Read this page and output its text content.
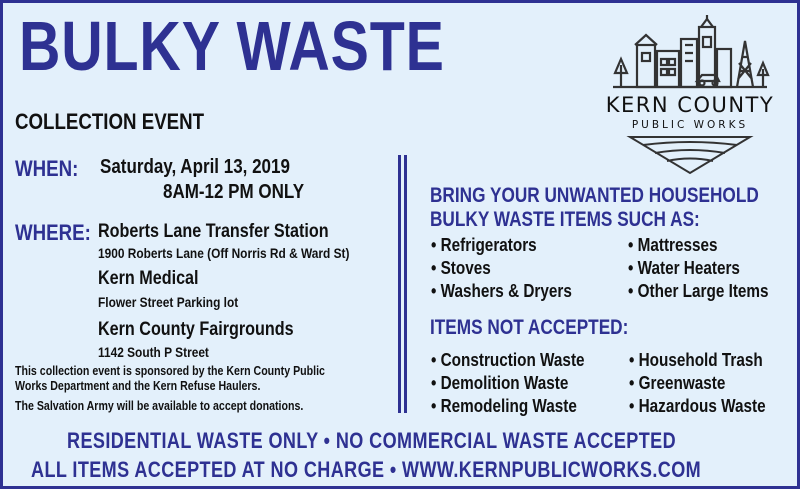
BULKY WASTE
COLLECTION EVENT
WHEN: Saturday, April 13, 2019
8AM-12 PM ONLY
WHERE: Roberts Lane Transfer Station
1900 Roberts Lane (Off Norris Rd & Ward St)
Kern Medical
Flower Street Parking lot
Kern County Fairgrounds
1142 South P Street
This collection event is sponsored by the Kern County Public
Works Department and the Kern Refuse Haulers.
The Salvation Army will be available to accept donations.
KERN COUNTY
PUBLIC WORKS
BRING YOUR UNWANTED HOUSEHOLD
BULKY WASTE ITEMS SUCH AS:
• Refrigerators
• Stoves
• Washers & Dryers
• Mattresses
• Water Heaters
• Other Large Items
ITEMS NOT ACCEPTED:
• Construction Waste
• Demolition Waste
• Remodeling Waste
• Household Trash
• Greenwaste
• Hazardous Waste
RESIDENTIAL WASTE ONLY • NO COMMERCIAL WASTE ACCEPTED
ALL ITEMS ACCEPTED AT NO CHARGE • WWW.KERNPUBLICWORKS.COM
